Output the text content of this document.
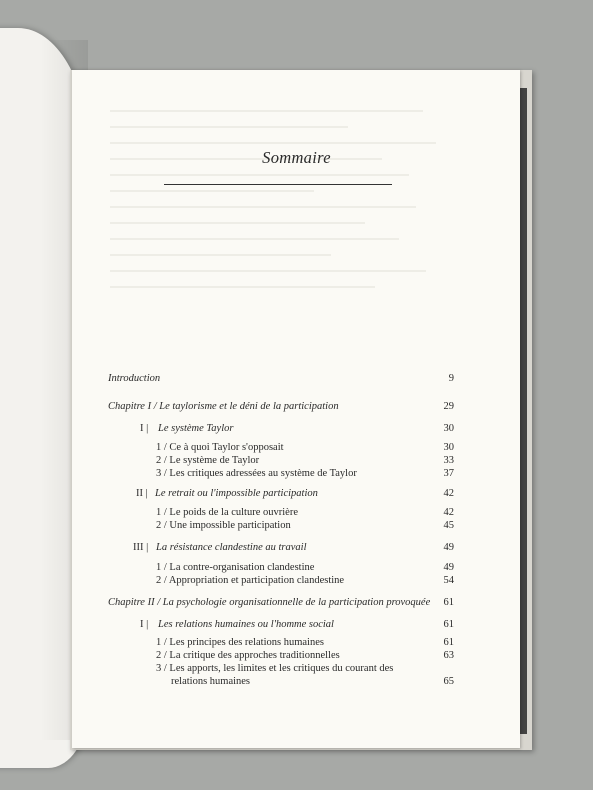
Sommaire
Introduction	9
Chapitre I / Le taylorisme et le déni de la participation	29
I | Le système Taylor	30
1 / Ce à quoi Taylor s'opposait	30
2 / Le système de Taylor	33
3 / Les critiques adressées au système de Taylor	37
II | Le retrait ou l'impossible participation	42
1 / Le poids de la culture ouvrière	42
2 / Une impossible participation	45
III | La résistance clandestine au travail	49
1 / La contre-organisation clandestine	49
2 / Appropriation et participation clandestine	54
Chapitre II / La psychologie organisationnelle de la participation provoquée	61
I | Les relations humaines ou l'homme social	61
1 / Les principes des relations humaines	61
2 / La critique des approches traditionnelles	63
3 / Les apports, les limites et les critiques du courant des
relations humaines	65
